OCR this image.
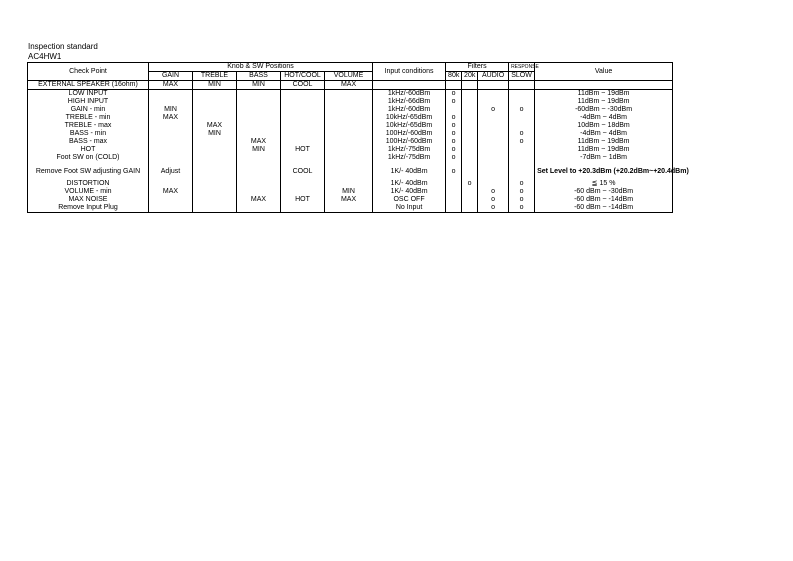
Inspection standard
AC4HW1
Check Point	Knob & SW Positions					Input conditions	Filters			RESPONSE	Value
	GAIN	TREBLE	BASS	HOT/COOL	VOLUME		80k	20k	AUDIO	SLOW	
EXTERNAL SPEAKER (16ohm)	MAX	MIN	MIN	COOL	MAX						
LOW INPUT						1kHz/-60dBm	o				11dBm ~ 19dBm
HIGH INPUT						1kHz/-66dBm	o				11dBm ~ 19dBm
GAIN - min	MIN					1kHz/-60dBm			o	o	-60dBm ~ -30dBm
TREBLE - min	MAX					10kHz/-65dBm	o				-4dBm ~ 4dBm
TREBLE - max		MAX				10kHz/-65dBm	o				10dBm ~ 18dBm
BASS - min		MIN				100Hz/-60dBm	o			o	-4dBm ~ 4dBm
BASS - max			MAX			100Hz/-60dBm	o			o	11dBm ~ 19dBm
HOT			MIN	HOT		1kHz/-75dBm	o				11dBm ~ 19dBm
Foot SW on (COLD)						1kHz/-75dBm	o				-7dBm ~ 1dBm
Remove Foot SW adjusting GAIN	Adjust			COOL		1K/- 40dBm	o				Set Level to +20.3dBm (+20.2dBm~+20.4dBm)
DISTORTION						1K/- 40dBm		o		o	≦ 15 %
VOLUME - min	MAX				MIN	1K/- 40dBm			o	o	-60 dBm ~ -30dBm
MAX NOISE			MAX	HOT	MAX	OSC OFF			o	o	-60 dBm ~ -14dBm
Remove Input Plug						No Input			o	o	-60 dBm ~ -14dBm
